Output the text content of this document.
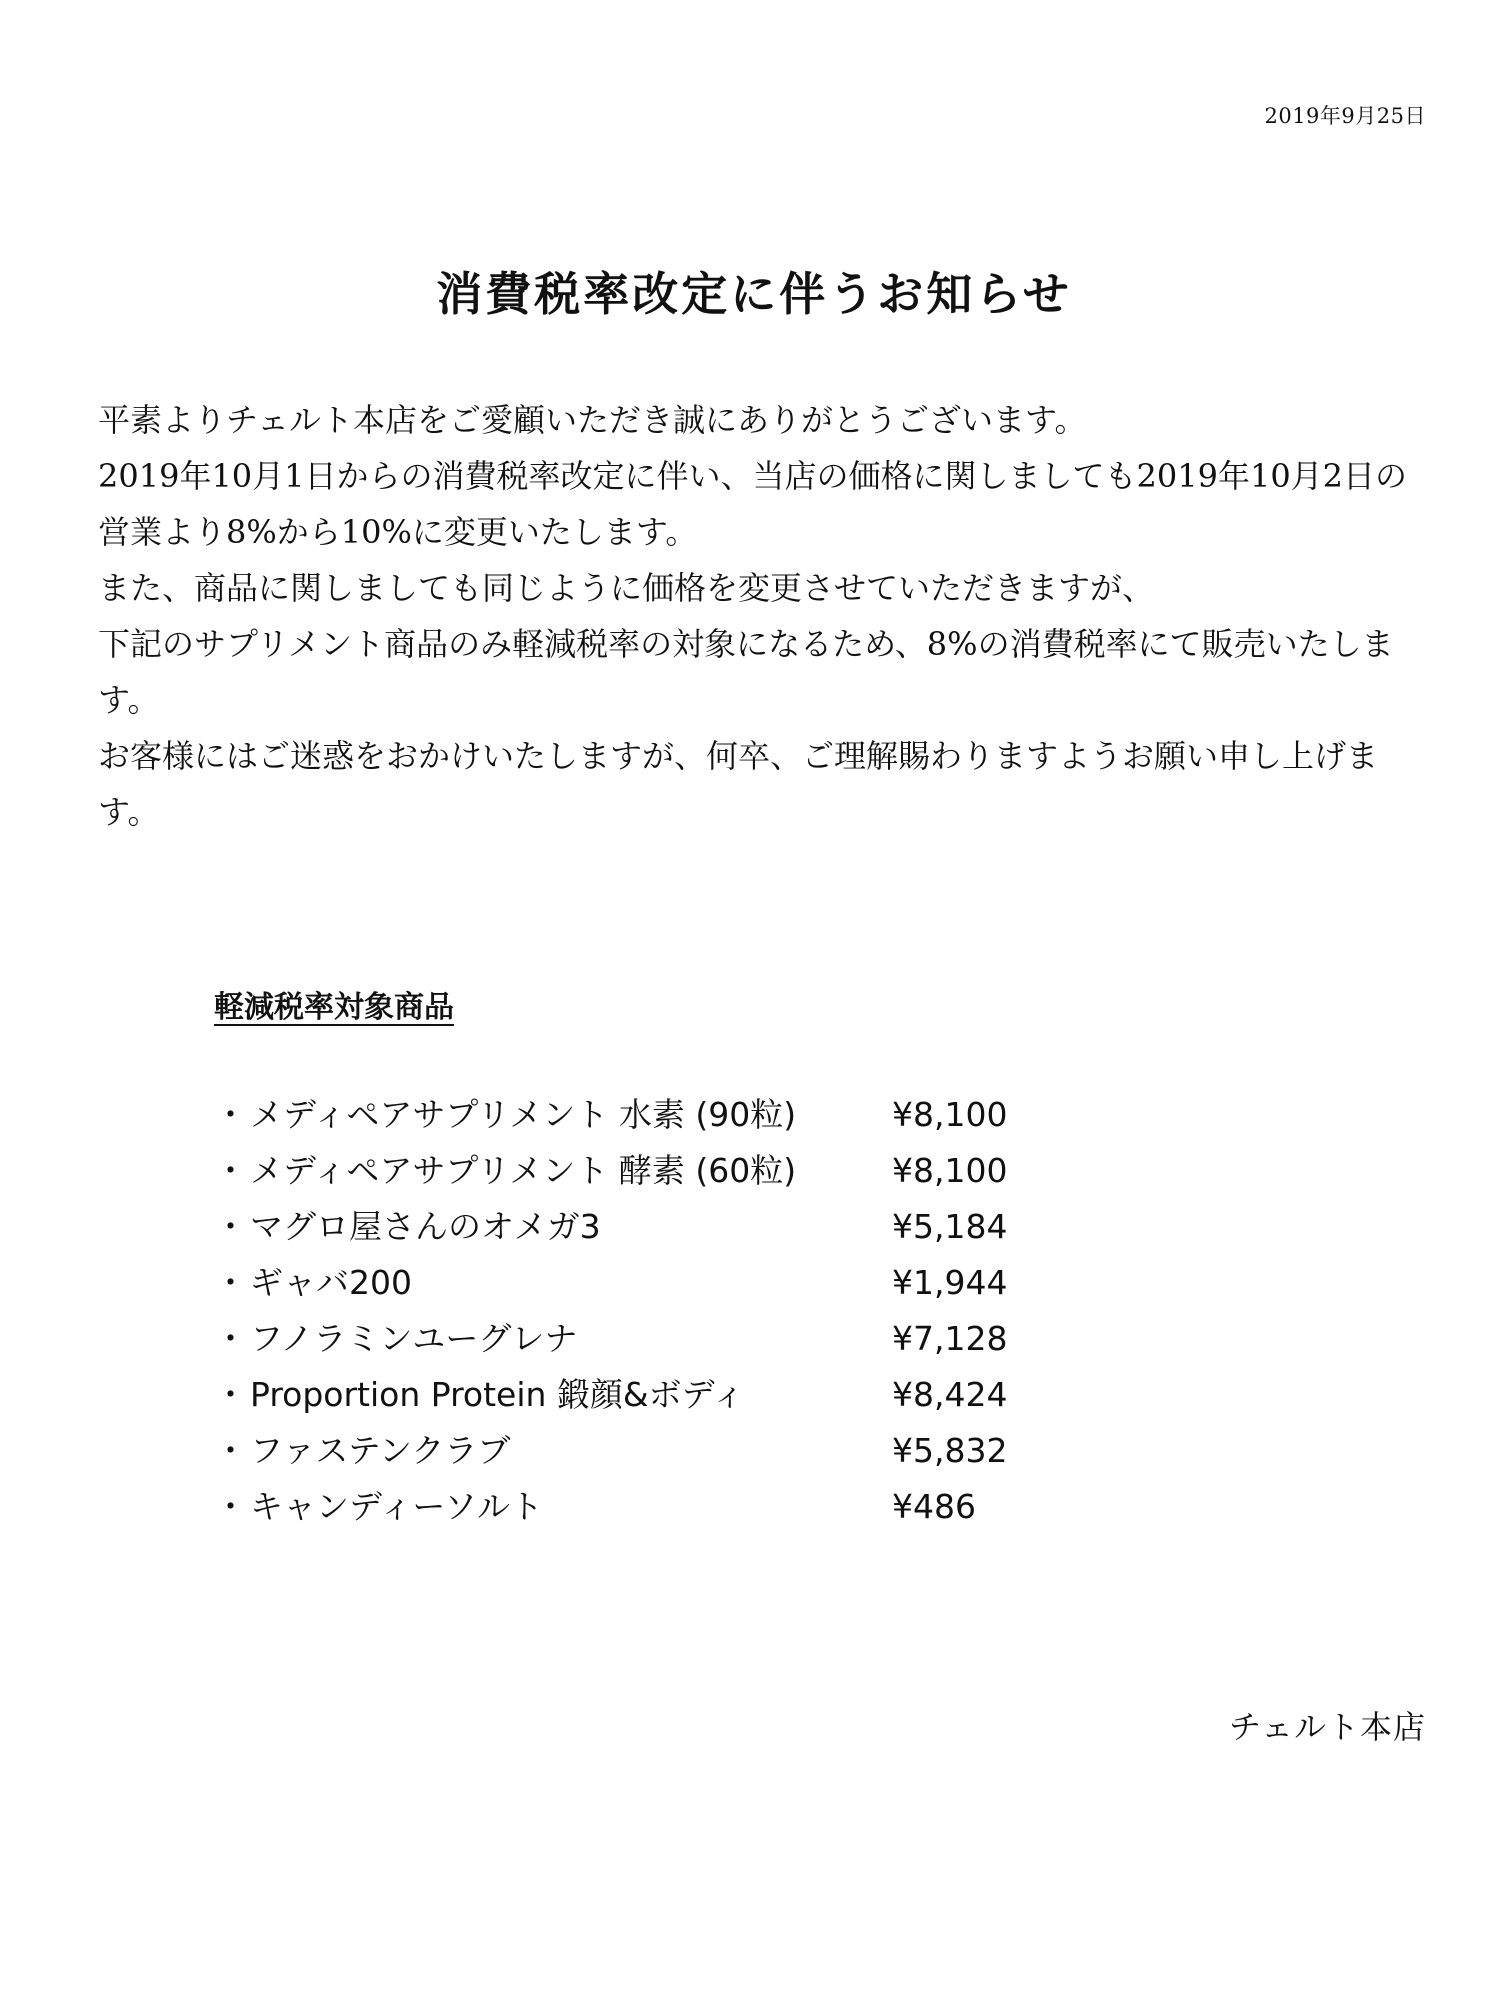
2019年9月25日
消費税率改定に伴うお知らせ

平素よりチェルト本店をご愛顧いただき誠にありがとうございます。

2019年10月1日からの消費税率改定に伴い、当店の価格に関しましても2019年10月2日の営業より8%から10%に変更いたします。

また、商品に関しましても同じように価格を変更させていただきますが、

下記のサプリメント商品のみ軽減税率の対象になるため、8%の消費税率にて販売いたします。

お客様にはご迷惑をおかけいたしますが、何卒、ご理解賜わりますようお願い申し上げます。

軽減税率対象商品
・メディペアサプリメント 水素 (90粒)	¥8,100
・メディペアサプリメント 酵素 (60粒)	¥8,100
・マグロ屋さんのオメガ3	¥5,184
・ギャバ200	¥1,944
・フノラミンユーグレナ	¥7,128
・Proportion Protein 鍛顔&ボディ	¥8,424
・ファステンクラブ	¥5,832
・キャンディーソルト	¥486
チェルト本店
